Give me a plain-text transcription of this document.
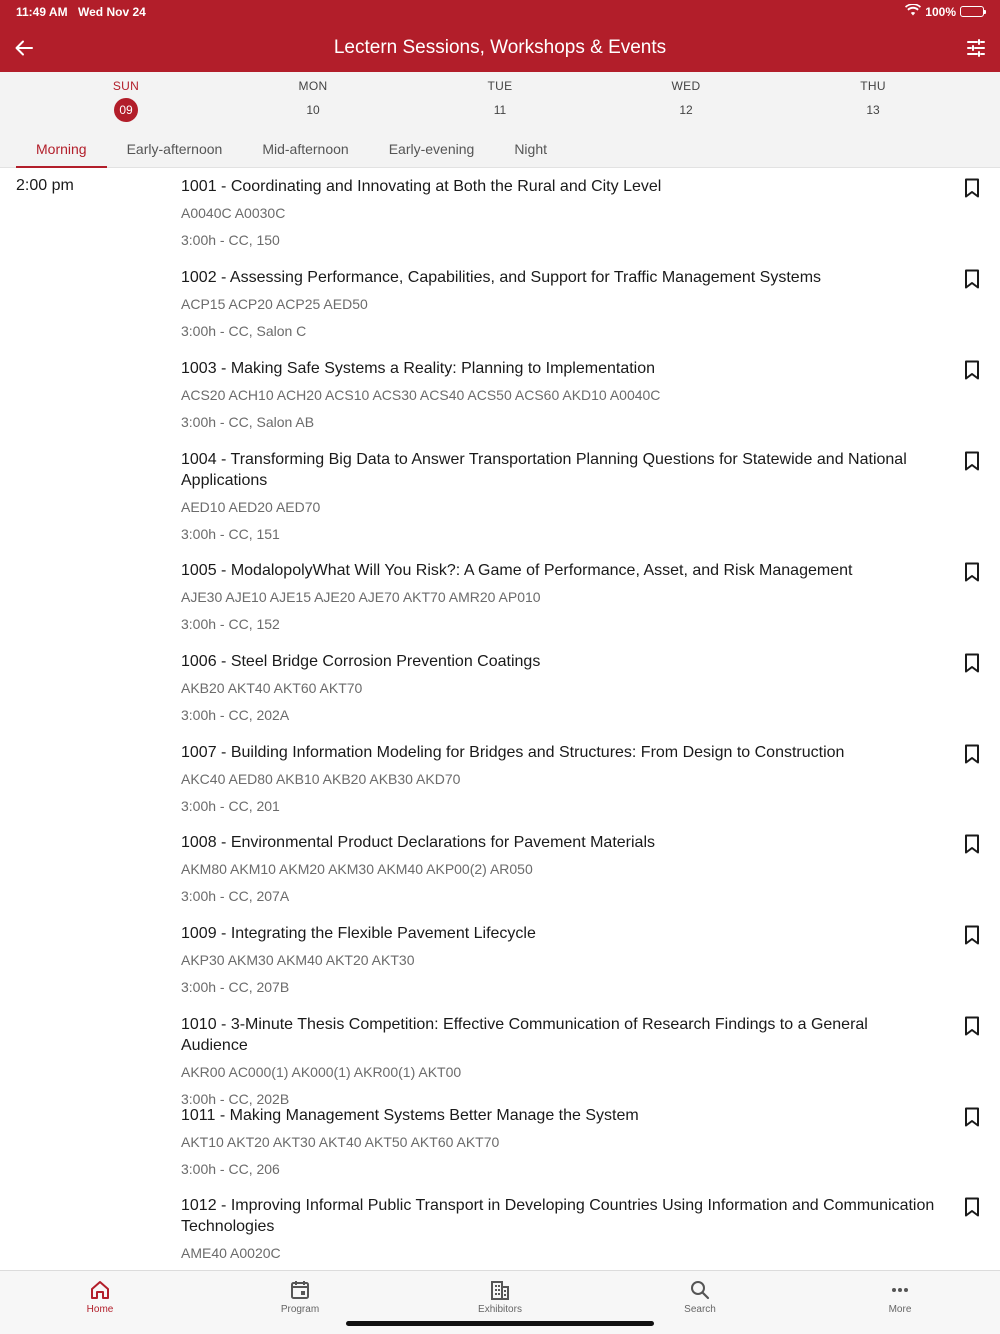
11:49 AM Wed Nov 24	100%
Lectern Sessions, Workshops & Events
SUN
09
MON
10
TUE
11
WED
12
THU
13
Morning	Early-afternoon	Mid-afternoon	Early-evening	Night
2:00 pm	1001 - Coordinating and Innovating at Both the Rural and City Level
A0040C A0030C
3:00h - CC, 150
1002 - Assessing Performance, Capabilities, and Support for Traffic Management Systems
ACP15 ACP20 ACP25 AED50
3:00h - CC, Salon C
1003 - Making Safe Systems a Reality: Planning to Implementation
ACS20 ACH10 ACH20 ACS10 ACS30 ACS40 ACS50 ACS60 AKD10 A0040C
3:00h - CC, Salon AB
1004 - Transforming Big Data to Answer Transportation Planning Questions for Statewide and National Applications
AED10 AED20 AED70
3:00h - CC, 151
1005 - ModalopolyWhat Will You Risk?: A Game of Performance, Asset, and Risk Management
AJE30 AJE10 AJE15 AJE20 AJE70 AKT70 AMR20 AP010
3:00h - CC, 152
1006 - Steel Bridge Corrosion Prevention Coatings
AKB20 AKT40 AKT60 AKT70
3:00h - CC, 202A
1007 - Building Information Modeling for Bridges and Structures: From Design to Construction
AKC40 AED80 AKB10 AKB20 AKB30 AKD70
3:00h - CC, 201
1008 - Environmental Product Declarations for Pavement Materials
AKM80 AKM10 AKM20 AKM30 AKM40 AKP00(2) AR050
3:00h - CC, 207A
1009 - Integrating the Flexible Pavement Lifecycle
AKP30 AKM30 AKM40 AKT20 AKT30
3:00h - CC, 207B
1010 - 3-Minute Thesis Competition: Effective Communication of Research Findings to a General Audience
AKR00 AC000(1) AK000(1) AKR00(1) AKT00
3:00h - CC, 202B
1011 - Making Management Systems Better Manage the System
AKT10 AKT20 AKT30 AKT40 AKT50 AKT60 AKT70
3:00h - CC, 206
1012 - Improving Informal Public Transport in Developing Countries Using Information and Communication Technologies
AME40 A0020C
Home	Program	Exhibitors	Search	More
